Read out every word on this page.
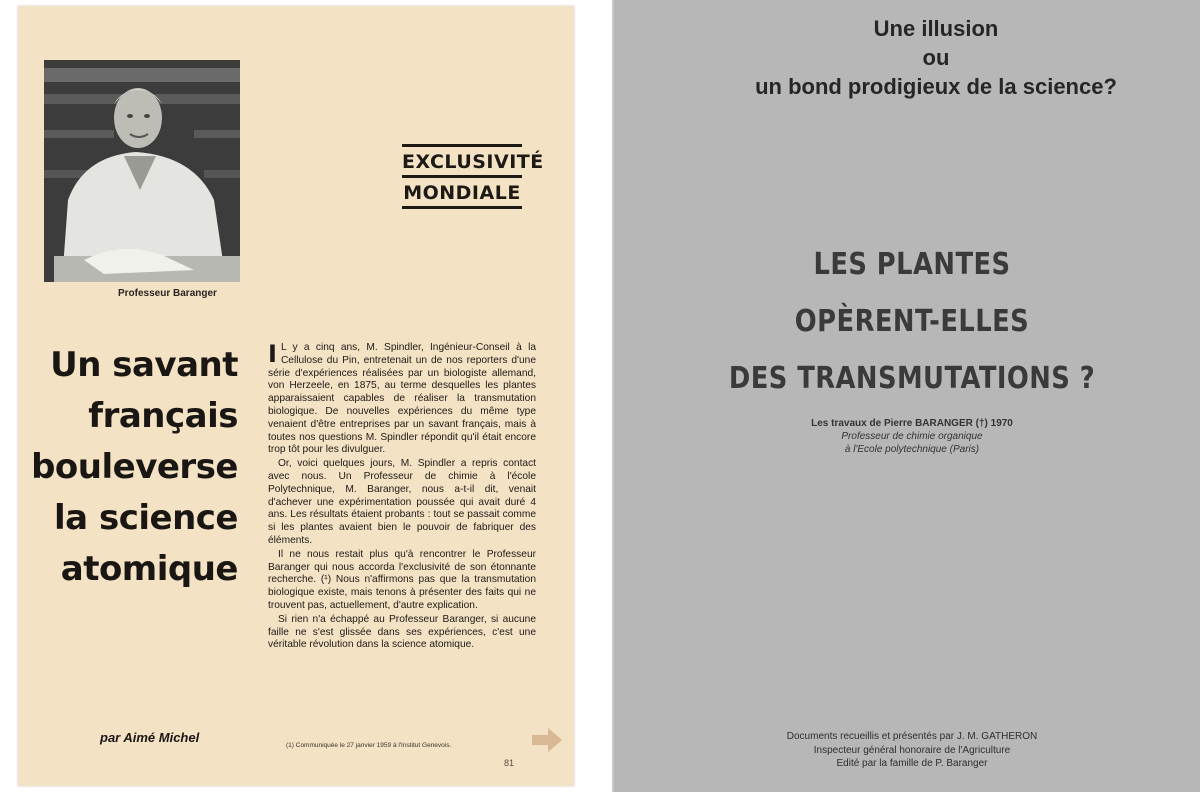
Professeur Baranger
EXCLUSIVITÉ
MONDIALE
Un savant
français
bouleverse
la science
atomique
par Aimé Michel

I L y a cinq ans, M. Spindler, Ingénieur-Conseil à la Cellulose du Pin, entretenait un de nos reporters d'une série d'expériences réalisées par un biologiste allemand, von Herzeele, en 1875, au terme desquelles les plantes apparaissaient capables de réaliser la transmutation biologique. De nouvelles expériences du même type venaient d'être entreprises par un savant français, mais à toutes nos questions M. Spindler répondit qu'il était encore trop tôt pour les divulguer.

Or, voici quelques jours, M. Spindler a repris contact avec nous. Un Professeur de chimie à l'école Polytechnique, M. Baranger, nous a-t-il dit, venait d'achever une expérimentation poussée qui avait duré 4 ans. Les résultats étaient probants : tout se passait comme si les plantes avaient bien le pouvoir de fabriquer des éléments.

Il ne nous restait plus qu'à rencontrer le Professeur Baranger qui nous accorda l'exclusivité de son étonnante recherche. (¹) Nous n'affirmons pas que la transmutation biologique existe, mais tenons à présenter des faits qui ne trouvent pas, actuellement, d'autre explication.

Si rien n'a échappé au Professeur Baranger, si aucune faille ne s'est glissée dans ses expériences, c'est une véritable révolution dans la science atomique.

(1) Communiquée le 27 janvier 1959 à l'Institut Genevois.
81
Une illusion
ou
un bond prodigieux de la science?
LES PLANTES
OPÈRENT-ELLES
DES TRANSMUTATIONS ?
Les travaux de Pierre BARANGER (†) 1970
Professeur de chimie organique
à l'Ecole polytechnique (Paris)
Documents recueillis et présentés par J. M. GATHERON
Inspecteur général honoraire de l'Agriculture
Edité par la famille de P. Baranger
